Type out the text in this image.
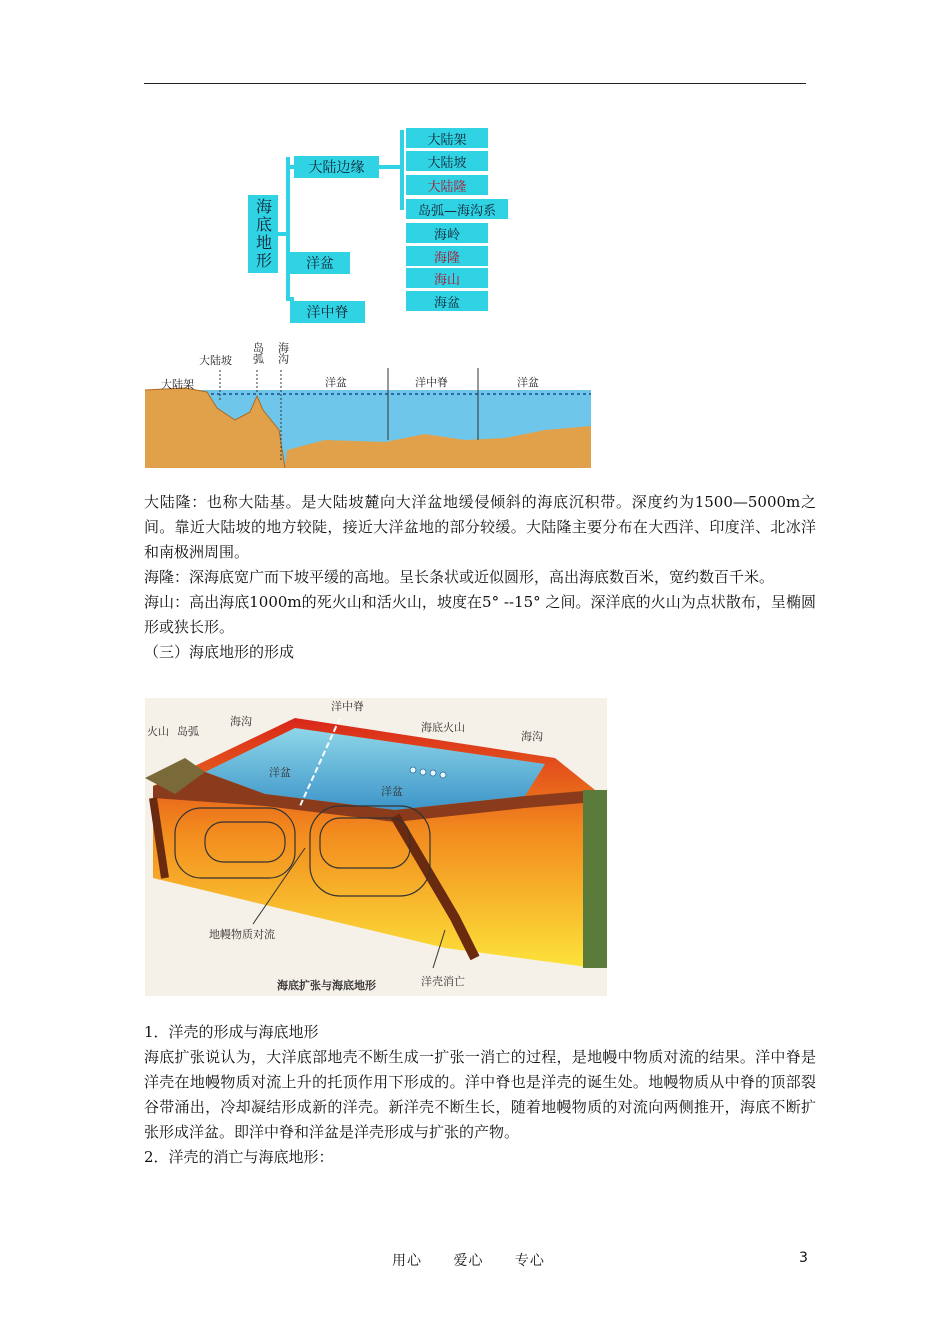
海底地形
大陆边缘
洋盆
洋中脊
大陆架
大陆坡
大陆隆
岛弧—海沟系
海岭
海隆
海山
海盆
大陆架
大陆坡
洋盆	洋中脊	洋盆
岛弧 海沟

大陆隆：也称大陆基。是大陆坡麓向大洋盆地缓侵倾斜的海底沉积带。深度约为1500—5000m之间。靠近大陆坡的地方较陡，接近大洋盆地的部分较缓。大陆隆主要分布在大西洋、印度洋、北冰洋和南极洲周围。

海隆：深海底宽广而下坡平缓的高地。呈长条状或近似圆形，高出海底数百米，宽约数百千米。

海山：高出海底1000m的死火山和活火山，坡度在5° --15° 之间。深洋底的火山为点状散布，呈椭圆形或狭长形。

（三）海底地形的形成

火山 岛弧
海沟
洋中脊
海底火山
海沟
洋盆
洋盆
地幔物质对流
洋壳消亡
海底扩张与海底地形

1．洋壳的形成与海底地形

海底扩张说认为，大洋底部地壳不断生成一扩张一消亡的过程，是地幔中物质对流的结果。洋中脊是洋壳在地幔物质对流上升的托顶作用下形成的。洋中脊也是洋壳的诞生处。地幔物质从中脊的顶部裂谷带涌出，冷却凝结形成新的洋壳。新洋壳不断生长，随着地幔物质的对流向两侧推开，海底不断扩张形成洋盆。即洋中脊和洋盆是洋壳形成与扩张的产物。

2．洋壳的消亡与海底地形：

用心 爱心 专心	3
